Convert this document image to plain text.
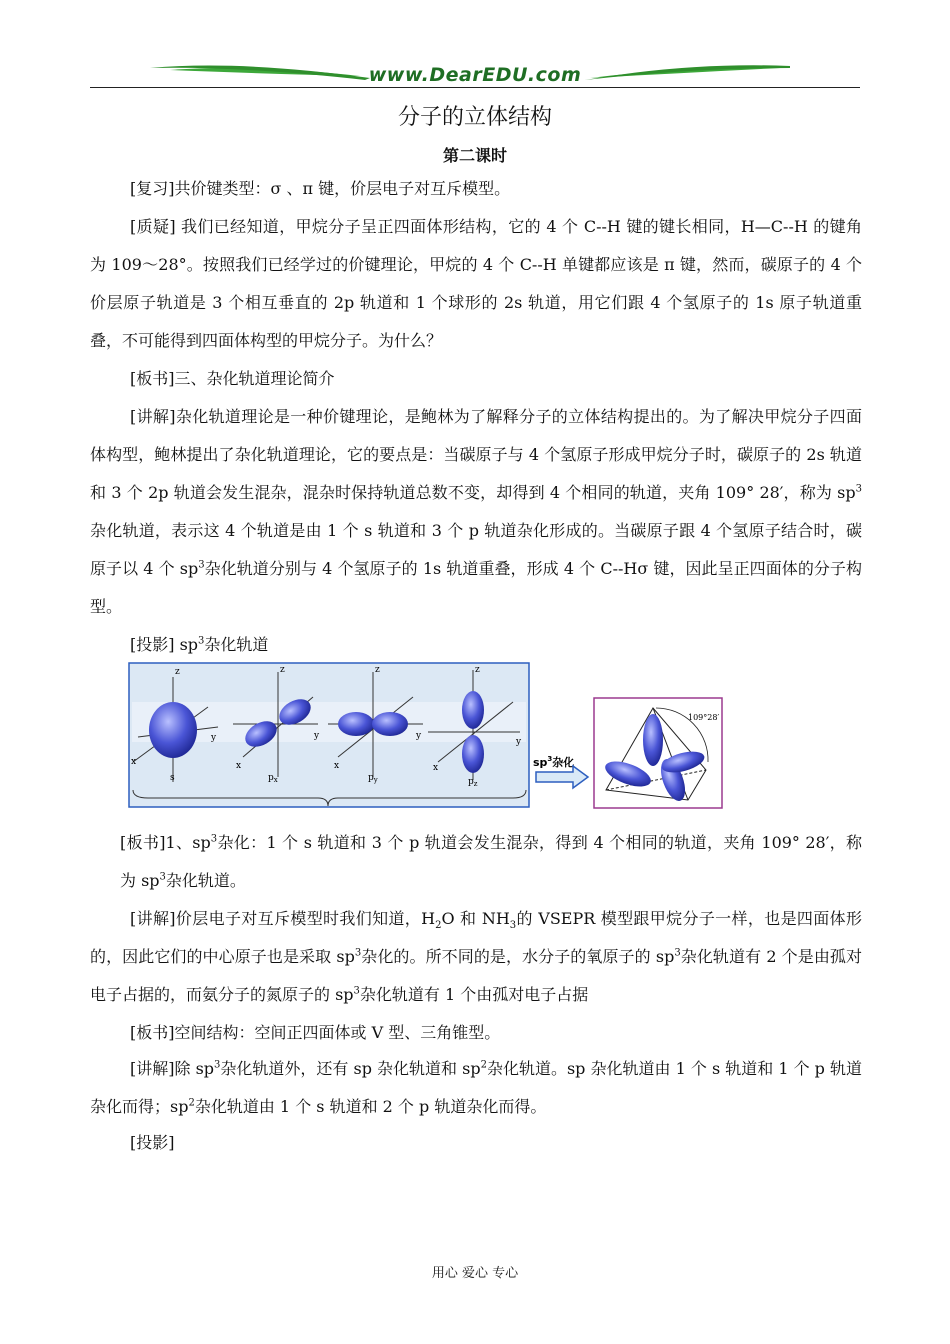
www.DearEDU.com
分子的立体结构
第二课时

[复习]共价键类型：σ 、π 键，价层电子对互斥模型。

[质疑] 我们已经知道，甲烷分子呈正四面体形结构，它的 4 个 C--H 键的键长相同，H—C--H 的键角为 109～28°。按照我们已经学过的价键理论，甲烷的 4 个 C--H 单键都应该是 π 键，然而，碳原子的 4 个价层原子轨道是 3 个相互垂直的 2p 轨道和 1 个球形的 2s 轨道，用它们跟 4 个氢原子的 1s 原子轨道重叠，不可能得到四面体构型的甲烷分子。为什么？

[板书]三、杂化轨道理论简介

[讲解]杂化轨道理论是一种价键理论，是鲍林为了解释分子的立体结构提出的。为了解决甲烷分子四面体构型，鲍林提出了杂化轨道理论，它的要点是：当碳原子与 4 个氢原子形成甲烷分子时，碳原子的 2s 轨道和 3 个 2p 轨道会发生混杂，混杂时保持轨道总数不变，却得到 4 个相同的轨道，夹角 109° 28′，称为 $sp^3$杂化轨道，表示这 4 个轨道是由 1 个 s 轨道和 3 个 p 轨道杂化形成的。当碳原子跟 4 个氢原子结合时，碳原子以 4 个 $sp^3$杂化轨道分别与 4 个氢原子的 1s 轨道重叠，形成 4 个 C--Hσ 键，因此呈正四面体的分子构型。

[投影] $sp^3$杂化轨道

z
y
x
s
z
y
x
$p_x$
z
y
x
$p_y$
z
y
x
$p_z$
$sp^3$杂化
109°28′

[板书]1、$sp^3$杂化：1 个 s 轨道和 3 个 p 轨道会发生混杂，得到 4 个相同的轨道，夹角 109° 28′，称为 $sp^3$杂化轨道。

[讲解]价层电子对互斥模型时我们知道，$H_2O$ 和 $NH_3$的 VSEPR 模型跟甲烷分子一样，也是四面体形的，因此它们的中心原子也是采取 $sp^3$杂化的。所不同的是，水分子的氧原子的 $sp^3$杂化轨道有 2 个是由孤对电子占据的，而氨分子的氮原子的 $sp^3$杂化轨道有 1 个由孤对电子占据

[板书]空间结构：空间正四面体或 V 型、三角锥型。

[讲解]除 $sp^3$杂化轨道外，还有 sp 杂化轨道和 $sp^2$杂化轨道。sp 杂化轨道由 1 个 s 轨道和 1 个 p 轨道杂化而得；$sp^2$杂化轨道由 1 个 s 轨道和 2 个 p 轨道杂化而得。

[投影]

用心 爱心 专心
